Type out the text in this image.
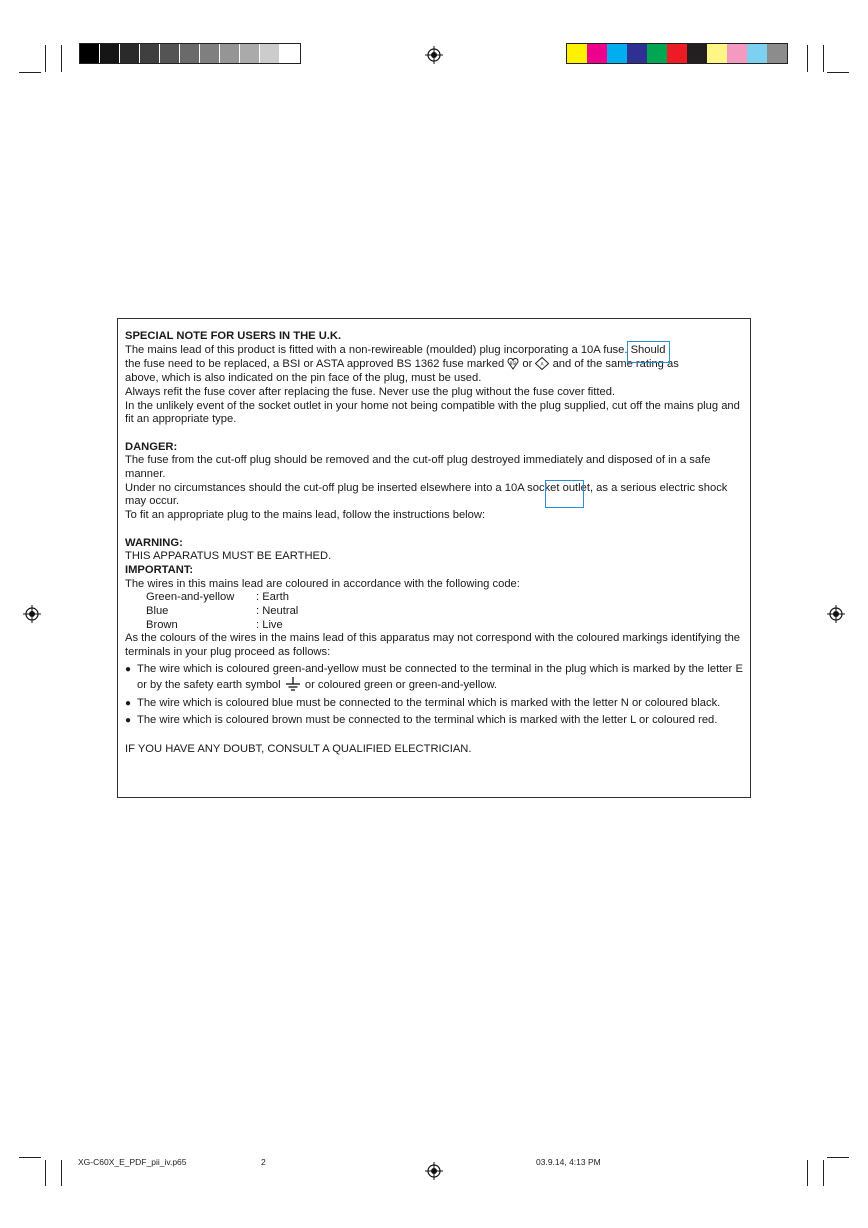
SPECIAL NOTE FOR USERS IN THE U.K.

The mains lead of this product is fitted with a non-rewireable (moulded) plug incorporating a 10A fuse. Should

the fuse need to be replaced, a BSI or ASTA approved BS 1362 fuse marked BSI or A and of the same rating as

above, which is also indicated on the pin face of the plug, must be used.

Always refit the fuse cover after replacing the fuse. Never use the plug without the fuse cover fitted.

In the unlikely event of the socket outlet in your home not being compatible with the plug supplied, cut off the mains plug and fit an appropriate type.

DANGER:

The fuse from the cut-off plug should be removed and the cut-off plug destroyed immediately and disposed of in a safe manner.

Under no circumstances should the cut-off plug be inserted elsewhere into a 10A socket outlet, as a serious electric shock may occur.

To fit an appropriate plug to the mains lead, follow the instructions below:

WARNING:

THIS APPARATUS MUST BE EARTHED.

IMPORTANT:

The wires in this mains lead are coloured in accordance with the following code:

Green-and-yellow	: Earth
Blue	: Neutral
Brown	: Live

As the colours of the wires in the mains lead of this apparatus may not correspond with the coloured markings identifying the terminals in your plug proceed as follows:

● The wire which is coloured green-and-yellow must be connected to the terminal in the plug which is marked by the letter E or by the safety earth symbol or coloured green or green-and-yellow.
● The wire which is coloured blue must be connected to the terminal which is marked with the letter N or coloured black.
● The wire which is coloured brown must be connected to the terminal which is marked with the letter L or coloured red.

IF YOU HAVE ANY DOUBT, CONSULT A QUALIFIED ELECTRICIAN.

XG-C60X_E_PDF_pii_iv.p65	2	03.9.14, 4:13 PM
